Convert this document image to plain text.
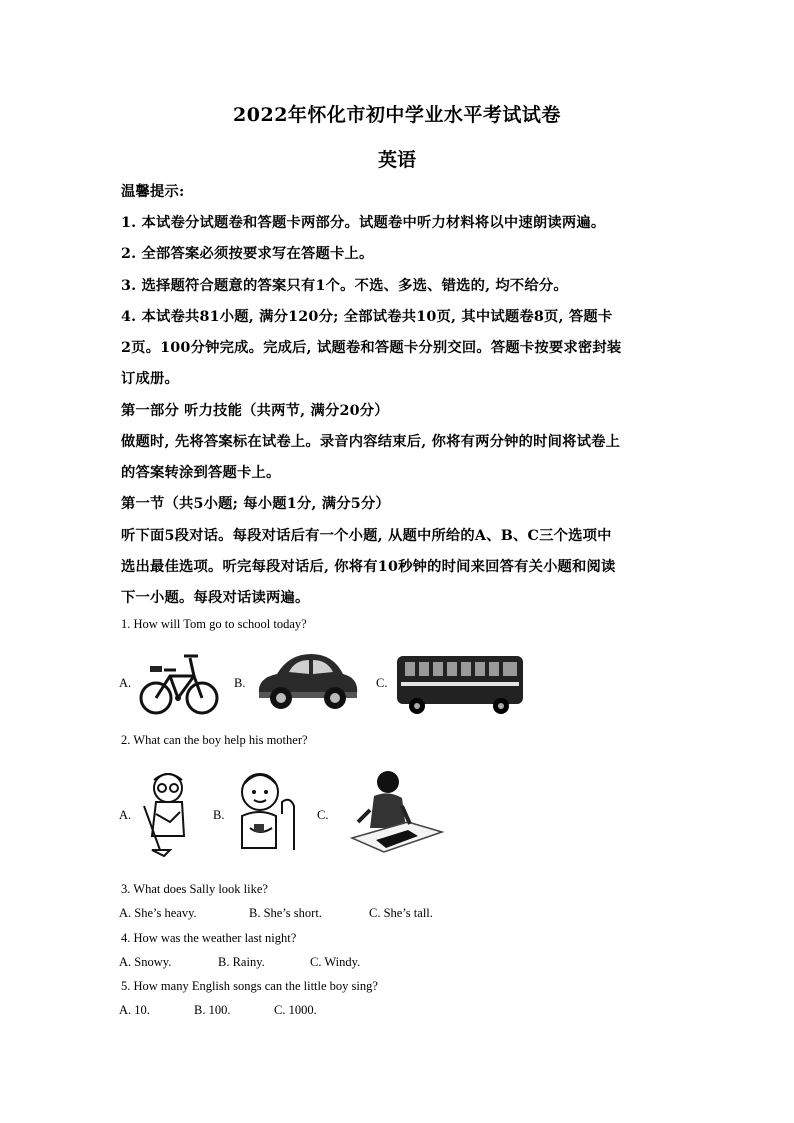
2022年怀化市初中学业水平考试试卷
英语
温馨提示:
1. 本试卷分试题卷和答题卡两部分。试题卷中听力材料将以中速朗读两遍。
2. 全部答案必须按要求写在答题卡上。
3. 选择题符合题意的答案只有1个。不选、多选、错选的, 均不给分。
4. 本试卷共81小题, 满分120分; 全部试卷共10页, 其中试题卷8页, 答题卡
2页。100分钟完成。完成后, 试题卷和答题卡分别交回。答题卡按要求密封装
订成册。
第一部分 听力技能（共两节, 满分20分）
做题时, 先将答案标在试卷上。录音内容结束后, 你将有两分钟的时间将试卷上
的答案转涂到答题卡上。
第一节（共5小题; 每小题1分, 满分5分）
听下面5段对话。每段对话后有一个小题, 从题中所给的A、B、C三个选项中
选出最佳选项。听完每段对话后, 你将有10秒钟的时间来回答有关小题和阅读
下一小题。每段对话读两遍。
1. How will Tom go to school today?
A.	B.	C.
2. What can the boy help his mother?
A.	B.	C.
3. What does Sally look like?
A. She’s heavy.	B. She’s short.	C. She’s tall.
4. How was the weather last night?
A. Snowy.	B. Rainy.	C. Windy.
5. How many English songs can the little boy sing?
A. 10.	B. 100.	C. 1000.
